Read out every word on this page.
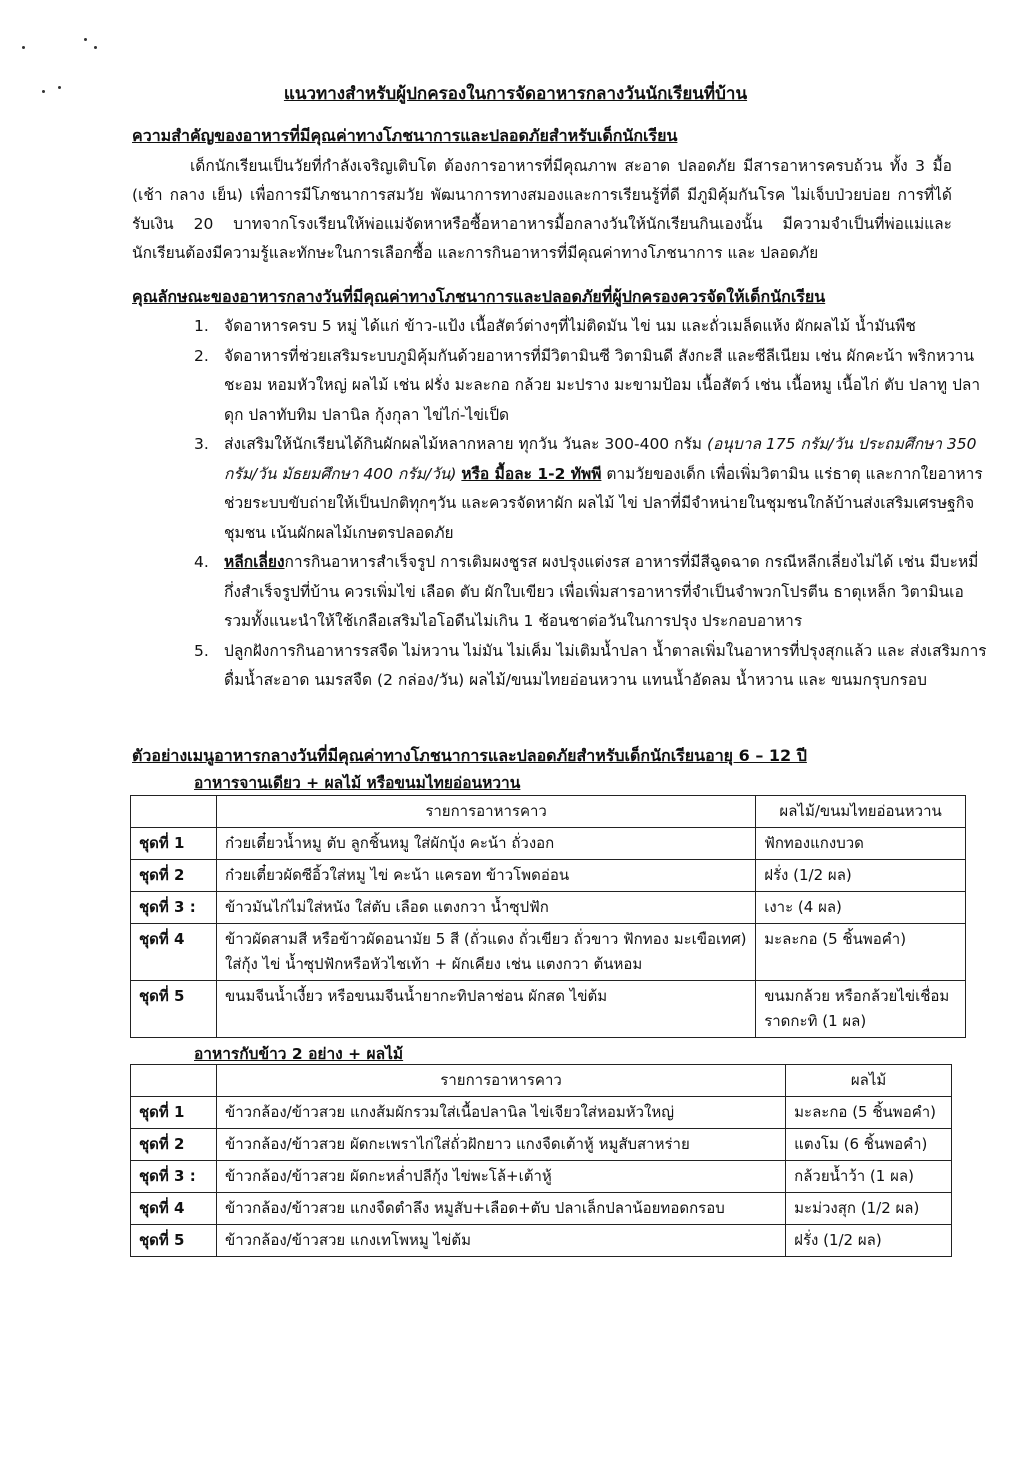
แนวทางสำหรับผู้ปกครองในการจัดอาหารกลางวันนักเรียนที่บ้าน
ความสำคัญของอาหารที่มีคุณค่าทางโภชนาการและปลอดภัยสำหรับเด็กนักเรียน

เด็กนักเรียนเป็นวัยที่กำลังเจริญเติบโต ต้องการอาหารที่มีคุณภาพ สะอาด ปลอดภัย มีสารอาหารครบถ้วน ทั้ง 3 มื้อ (เช้า กลาง เย็น) เพื่อการมีโภชนาการสมวัย พัฒนาการทางสมองและการเรียนรู้ที่ดี มีภูมิคุ้มกันโรค ไม่เจ็บป่วยบ่อย การที่ได้รับเงิน 20 บาทจากโรงเรียนให้พ่อแม่จัดหาหรือซื้อหาอาหารมื้อกลางวันให้นักเรียนกินเองนั้น มีความจำเป็นที่พ่อแม่และนักเรียนต้องมีความรู้และทักษะในการเลือกซื้อ และการกินอาหารที่มีคุณค่าทางโภชนาการ และ ปลอดภัย

คุณลักษณะของอาหารกลางวันที่มีคุณค่าทางโภชนาการและปลอดภัยที่ผู้ปกครองควรจัดให้เด็กนักเรียน
1. จัดอาหารครบ 5 หมู่ ได้แก่ ข้าว-แป้ง เนื้อสัตว์ต่างๆที่ไม่ติดมัน ไข่ นม และถั่วเมล็ดแห้ง ผักผลไม้ น้ำมันพืช
2. จัดอาหารที่ช่วยเสริมระบบภูมิคุ้มกันด้วยอาหารที่มีวิตามินซี วิตามินดี สังกะสี และซีลีเนียม เช่น ผักคะน้า พริกหวาน ชะอม หอมหัวใหญ่ ผลไม้ เช่น ฝรั่ง มะละกอ กล้วย มะปราง มะขามป้อม เนื้อสัตว์ เช่น เนื้อหมู เนื้อไก่ ตับ ปลาทู ปลาดุก ปลาทับทิม ปลานิล กุ้งกุลา ไข่ไก่-ไข่เป็ด
3. ส่งเสริมให้นักเรียนได้กินผักผลไม้หลากหลาย ทุกวัน วันละ 300-400 กรัม (อนุบาล 175 กรัม/วัน ประถมศึกษา 350 กรัม/วัน มัธยมศึกษา 400 กรัม/วัน) หรือ มื้อละ 1-2 ทัพพี ตามวัยของเด็ก เพื่อเพิ่มวิตามิน แร่ธาตุ และกากใยอาหาร ช่วยระบบขับถ่ายให้เป็นปกติทุกๆวัน และควรจัดหาผัก ผลไม้ ไข่ ปลาที่มีจำหน่ายในชุมชนใกล้บ้านส่งเสริมเศรษฐกิจชุมชน เน้นผักผลไม้เกษตรปลอดภัย
4. หลีกเลี่ยงการกินอาหารสำเร็จรูป การเติมผงชูรส ผงปรุงแต่งรส อาหารที่มีสีฉูดฉาด กรณีหลีกเลี่ยงไม่ได้ เช่น มีบะหมี่กึ่งสำเร็จรูปที่บ้าน ควรเพิ่มไข่ เลือด ตับ ผักใบเขียว เพื่อเพิ่มสารอาหารที่จำเป็นจำพวกโปรตีน ธาตุเหล็ก วิตามินเอ รวมทั้งแนะนำให้ใช้เกลือเสริมไอโอดีนไม่เกิน 1 ช้อนชาต่อวันในการปรุง ประกอบอาหาร
5. ปลูกฝังการกินอาหารรสจืด ไม่หวาน ไม่มัน ไม่เค็ม ไม่เติมน้ำปลา น้ำตาลเพิ่มในอาหารที่ปรุงสุกแล้ว และ ส่งเสริมการดื่มน้ำสะอาด นมรสจืด (2 กล่อง/วัน) ผลไม้/ขนมไทยอ่อนหวาน แทนน้ำอัดลม น้ำหวาน และ ขนมกรุบกรอบ
ตัวอย่างเมนูอาหารกลางวันที่มีคุณค่าทางโภชนาการและปลอดภัยสำหรับเด็กนักเรียนอายุ 6 – 12 ปี
อาหารจานเดียว + ผลไม้ หรือขนมไทยอ่อนหวาน
	รายการอาหารคาว	ผลไม้/ขนมไทยอ่อนหวาน
ชุดที่ 1	ก๋วยเตี๋ยวน้ำหมู ตับ ลูกชิ้นหมู ใส่ผักบุ้ง คะน้า ถั่วงอก	ฟักทองแกงบวด
ชุดที่ 2	ก๋วยเตี๋ยวผัดซีอิ้วใส่หมู ไข่ คะน้า แครอท ข้าวโพดอ่อน	ฝรั่ง (1/2 ผล)
ชุดที่ 3 :	ข้าวมันไก่ไม่ใส่หนัง ใส่ตับ เลือด แตงกวา น้ำซุปฟัก	เงาะ (4 ผล)
ชุดที่ 4	ข้าวผัดสามสี หรือข้าวผัดอนามัย 5 สี (ถั่วแดง ถั่วเขียว ถั่วขาว ฟักทอง มะเขือเทศ) ใส่กุ้ง ไข่ น้ำซุปฟักหรือหัวไชเท้า + ผักเคียง เช่น แตงกวา ต้นหอม	มะละกอ (5 ชิ้นพอคำ)
ชุดที่ 5	ขนมจีนน้ำเงี้ยว หรือขนมจีนน้ำยากะทิปลาช่อน ผักสด ไข่ต้ม	ขนมกล้วย หรือกล้วยไข่เชื่อม ราดกะทิ (1 ผล)
อาหารกับข้าว 2 อย่าง + ผลไม้
	รายการอาหารคาว	ผลไม้
ชุดที่ 1	ข้าวกล้อง/ข้าวสวย แกงส้มผักรวมใส่เนื้อปลานิล ไข่เจียวใส่หอมหัวใหญ่	มะละกอ (5 ชิ้นพอคำ)
ชุดที่ 2	ข้าวกล้อง/ข้าวสวย ผัดกะเพราไก่ใส่ถั่วฝักยาว แกงจืดเต้าหู้ หมูสับสาหร่าย	แตงโม (6 ชิ้นพอคำ)
ชุดที่ 3 :	ข้าวกล้อง/ข้าวสวย ผัดกะหล่ำปลีกุ้ง ไข่พะโล้+เต้าหู้	กล้วยน้ำว้า (1 ผล)
ชุดที่ 4	ข้าวกล้อง/ข้าวสวย แกงจืดตำลึง หมูสับ+เลือด+ตับ ปลาเล็กปลาน้อยทอดกรอบ	มะม่วงสุก (1/2 ผล)
ชุดที่ 5	ข้าวกล้อง/ข้าวสวย แกงเทโพหมู ไข่ต้ม	ฝรั่ง (1/2 ผล)
